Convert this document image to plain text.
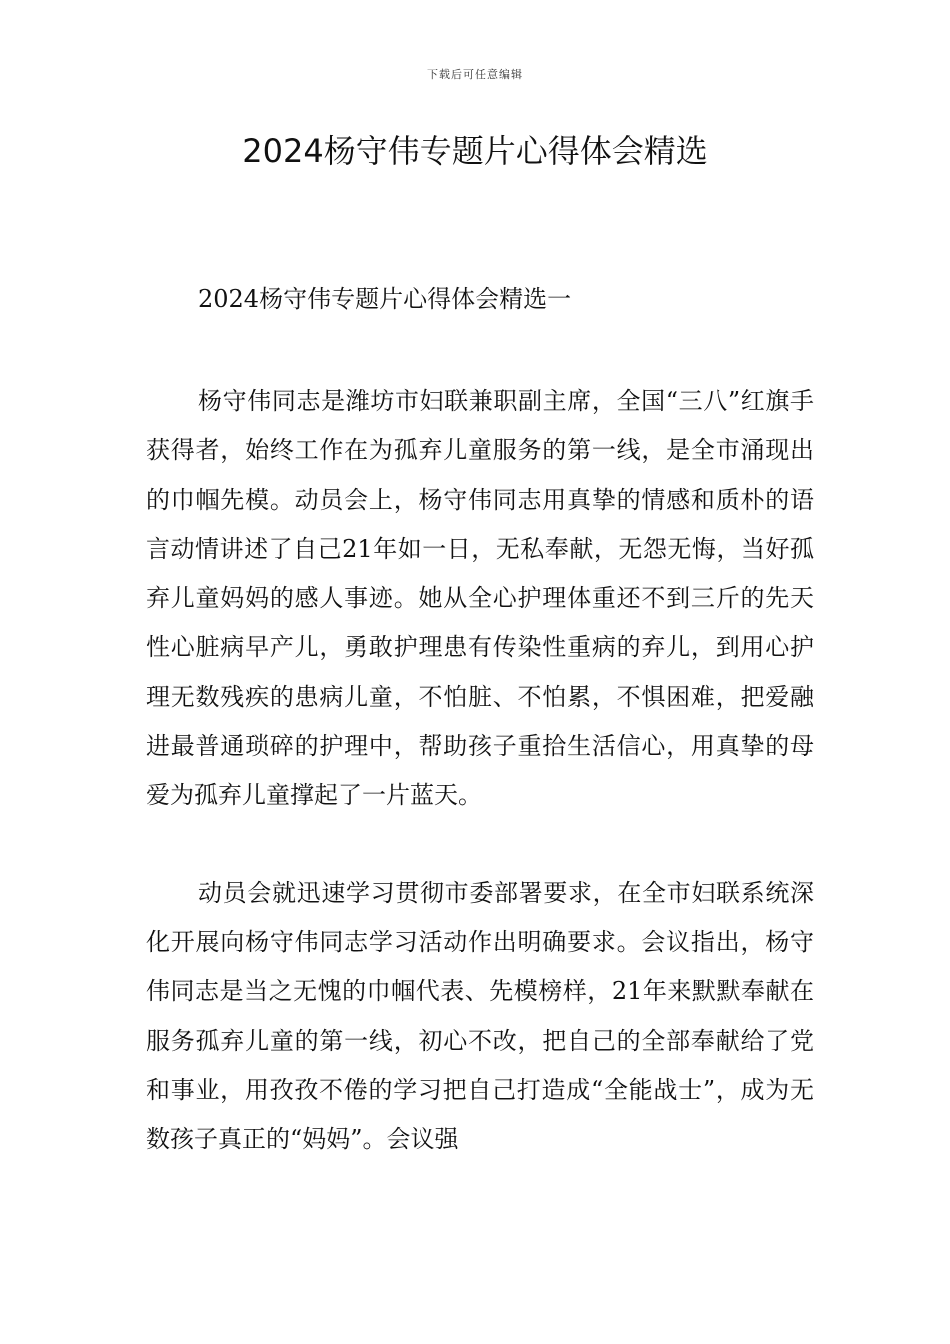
下载后可任意编辑
2024杨守伟专题片心得体会精选

2024杨守伟专题片心得体会精选一

杨守伟同志是潍坊市妇联兼职副主席，全国“三八”红旗手获得者，始终工作在为孤弃儿童服务的第一线，是全市涌现出的巾帼先模。动员会上，杨守伟同志用真挚的情感和质朴的语言动情讲述了自己21年如一日，无私奉献，无怨无悔，当好孤弃儿童妈妈的感人事迹。她从全心护理体重还不到三斤的先天性心脏病早产儿，勇敢护理患有传染性重病的弃儿，到用心护理无数残疾的患病儿童，不怕脏、不怕累，不惧困难，把爱融进最普通琐碎的护理中，帮助孩子重拾生活信心，用真挚的母爱为孤弃儿童撑起了一片蓝天。

动员会就迅速学习贯彻市委部署要求，在全市妇联系统深化开展向杨守伟同志学习活动作出明确要求。会议指出，杨守伟同志是当之无愧的巾帼代表、先模榜样，21年来默默奉献在服务孤弃儿童的第一线，初心不改，把自己的全部奉献给了党和事业，用孜孜不倦的学习把自己打造成“全能战士”，成为无数孩子真正的“妈妈”。会议强
